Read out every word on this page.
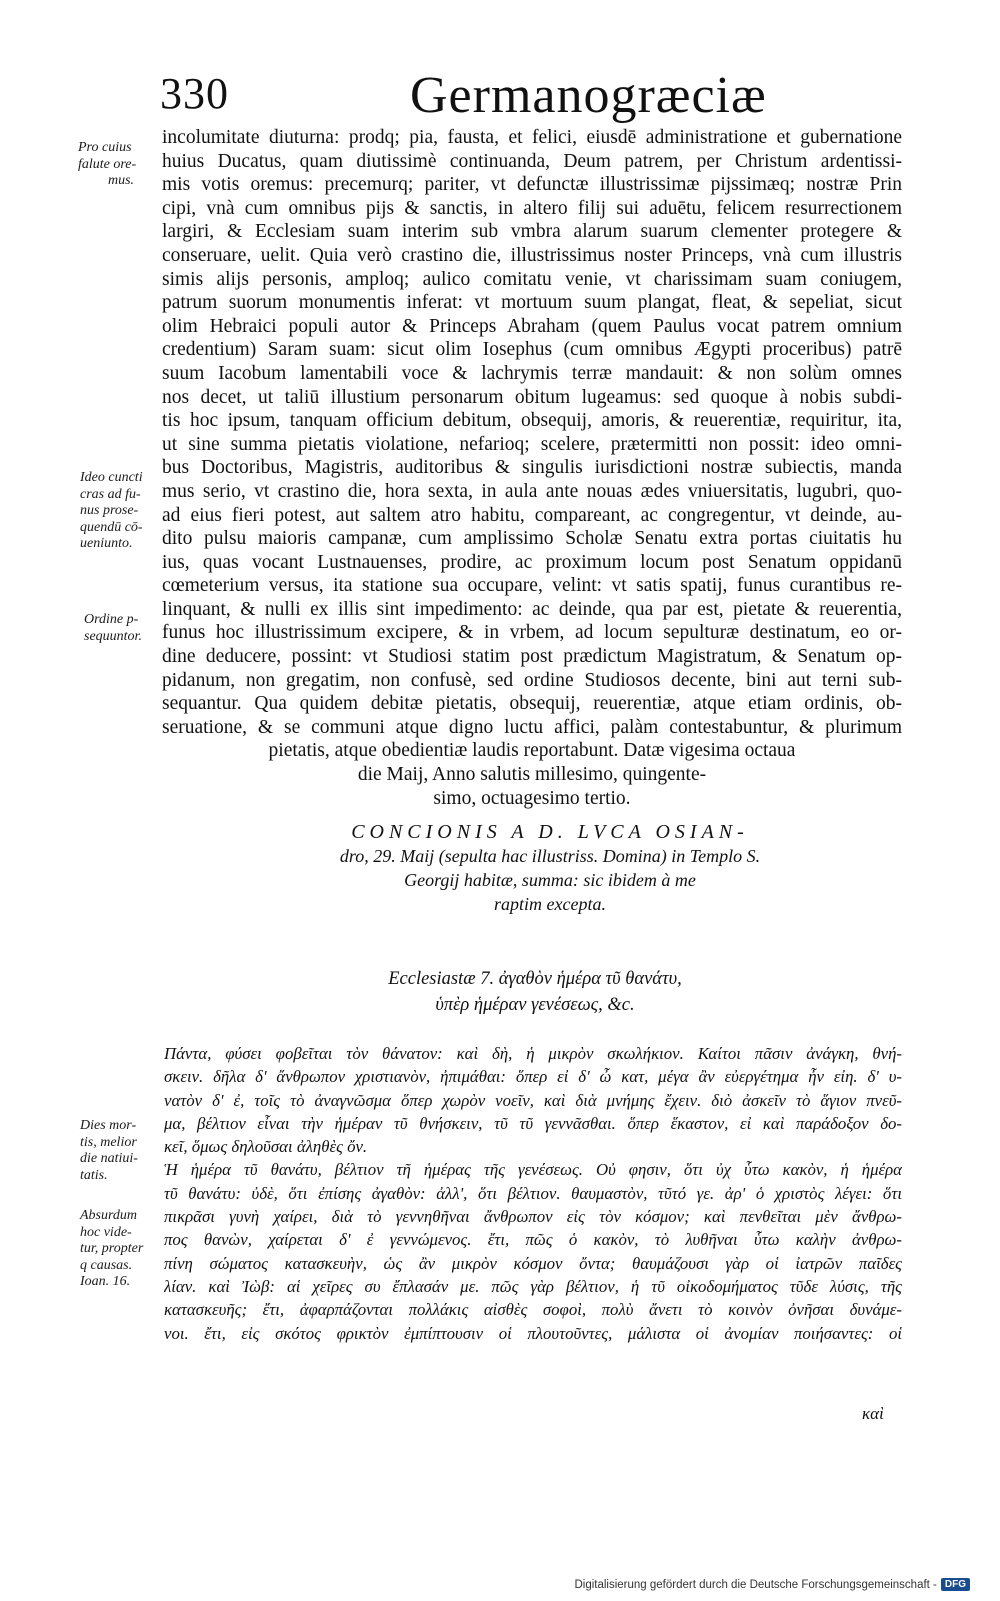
330	Germanogræciæ
Pro cuius
falute ore-
mus.
Ideo cuncti
cras ad fu-
nus prose-
quendū cō-
ueniunto.
Ordine p-
sequuntor.
Dies mor-
tis, melior
die natiui-
tatis.
Absurdum
hoc vide-
tur, propter
q causas.
Ioan. 16.
incolumitate diuturna: prodq; pia, fausta, et felici, eiusdē administratione et gubernatione
huius Ducatus, quam diutissimè continuanda, Deum patrem, per Christum ardentissi-
mis votis oremus: precemurq; pariter, vt defunctæ illustrissimæ pijssimæq; nostræ Prin
cipi, vnà cum omnibus pijs & sanctis, in altero filij sui aduētu, felicem resurrectionem
largiri, & Ecclesiam suam interim sub vmbra alarum suarum clementer protegere &
conseruare, uelit. Quia verò crastino die, illustrissimus noster Princeps, vnà cum illustris
simis alijs personis, amploq; aulico comitatu venie, vt charissimam suam coniugem,
patrum suorum monumentis inferat: vt mortuum suum plangat, fleat, & sepeliat, sicut
olim Hebraici populi autor & Princeps Abraham (quem Paulus vocat patrem omnium
credentium) Saram suam: sicut olim Iosephus (cum omnibus Ægypti proceribus) patrē
suum Iacobum lamentabili voce & lachrymis terræ mandauit: & non solùm omnes
nos decet, ut taliū illustium personarum obitum lugeamus: sed quoque à nobis subdi-
tis hoc ipsum, tanquam officium debitum, obsequij, amoris, & reuerentiæ, requiritur, ita,
ut sine summa pietatis violatione, nefarioq; scelere, prætermitti non possit: ideo omni-
bus Doctoribus, Magistris, auditoribus & singulis iurisdictioni nostræ subiectis, manda
mus serio, vt crastino die, hora sexta, in aula ante nouas ædes vniuersitatis, lugubri, quo-
ad eius fieri potest, aut saltem atro habitu, compareant, ac congregentur, vt deinde, au-
dito pulsu maioris campanæ, cum amplissimo Scholæ Senatu extra portas ciuitatis hu
ius, quas vocant Lustnauenses, prodire, ac proximum locum post Senatum oppidanū
cœmeterium versus, ita statione sua occupare, velint: vt satis spatij, funus curantibus re-
linquant, & nulli ex illis sint impedimento: ac deinde, qua par est, pietate & reuerentia,
funus hoc illustrissimum excipere, & in vrbem, ad locum sepulturæ destinatum, eo or-
dine deducere, possint: vt Studiosi statim post prædictum Magistratum, & Senatum op-
pidanum, non gregatim, non confusè, sed ordine Studiosos decente, bini aut terni sub-
sequantur. Qua quidem debitæ pietatis, obsequij, reuerentiæ, atque etiam ordinis, ob-
seruatione, & se communi atque digno luctu affici, palàm contestabuntur, & plurimum
pietatis, atque obedientiæ laudis reportabunt. Datæ vigesima octaua
die Maij, Anno salutis millesimo, quingente-
simo, octuagesimo tertio.
CONCIONIS A D. LVCA OSIAN-
dro, 29. Maij (sepulta hac illustriss. Domina) in Templo S.
Georgij habitæ, summa: sic ibidem à me
raptim excepta.
Ecclesiastæ 7. ἀγαθὸν ἡμέρα τῦ θανάτυ,
ὑπὲρ ἡμέραν γενέσεως, &c.
Πάντα, φύσει φοβεῖται τὸν θάνατον: καὶ δὴ, ἡ μικρὸν σκωλήκιον. Καίτοι πᾶσιν ἀνάγκη, θνή-
σκειν. δῆλα δ' ἄνθρωπον χριστιανὸν, ἠπιμάθαι: ὅπερ εἰ δ' ὦ κατ, μέγα ἂν εὐεργέτημα ἦν εἰη. δ' υ-
νατὸν δ' ἐ, τοῖς τὸ ἀναγνῶσμα ὅπερ χωρὸν νοεῖν, καὶ διὰ μνήμης ἔχειν. διὸ ἀσκεῖν τὸ ἅγιον πνεῦ-
μα, βέλτιον εἶναι τὴν ἡμέραν τῦ θνήσκειν, τῦ τῦ γεννᾶσθαι. ὅπερ ἕκαστον, εἰ καὶ παράδοξον δο-
κεῖ, ὅμως δηλοῦσαι ἀληθὲς ὄν.
Ἡ ἡμέρα τῦ θανάτυ, βέλτιον τῆ ἡμέρας τῆς γενέσεως. Οὐ φησιν, ὅτι ὐχ ὗτω κακὸν, ἡ ἡμέρα
τῦ θανάτυ: ὐδὲ, ὅτι ἐπίσης ἀγαθὸν: ἀλλ', ὅτι βέλτιον. θαυμαστὸν, τῦτό γε. ἀρ' ὁ χριστὸς λέγει: ὅτι
πικρᾶσι γυνὴ χαίρει, διὰ τὸ γεννηθῆναι ἄνθρωπον εἰς τὸν κόσμον; καὶ πενθεῖται μὲν ἄνθρω-
πος θανὼν, χαίρεται δ' ἐ γεννώμενος. ἔτι, πῶς ὁ κακὸν, τὸ λυθῆναι ὗτω καλὴν ἀνθρω-
πίνη σώματος κατασκευὴν, ὡς ἂν μικρὸν κόσμον ὄντα; θαυμάζουσι γὰρ οἱ ἰατρῶν παῖδες
λίαν. καὶ Ἰὼβ: αἱ χεῖρες συ ἔπλασάν με. πῶς γὰρ βέλτιον, ἡ τῦ οἰκοδομήματος τῦδε λύσις, τῆς
κατασκευῆς; ἔτι, ἀφαρπάζονται πολλάκις αἰσθὲς σοφοὶ, πολὺ ἄνετι τὸ κοινὸν ὀνῆσαι δυνάμε-
νοι. ἔτι, εἰς σκότος φρικτὸν ἐμπίπτουσιν οἱ πλουτοῦντες, μάλιστα οἱ ἀνομίαν ποιήσαντες: οἱ
καὶ
Digitalisierung gefördert durch die Deutsche Forschungsgemeinschaft - DFG
